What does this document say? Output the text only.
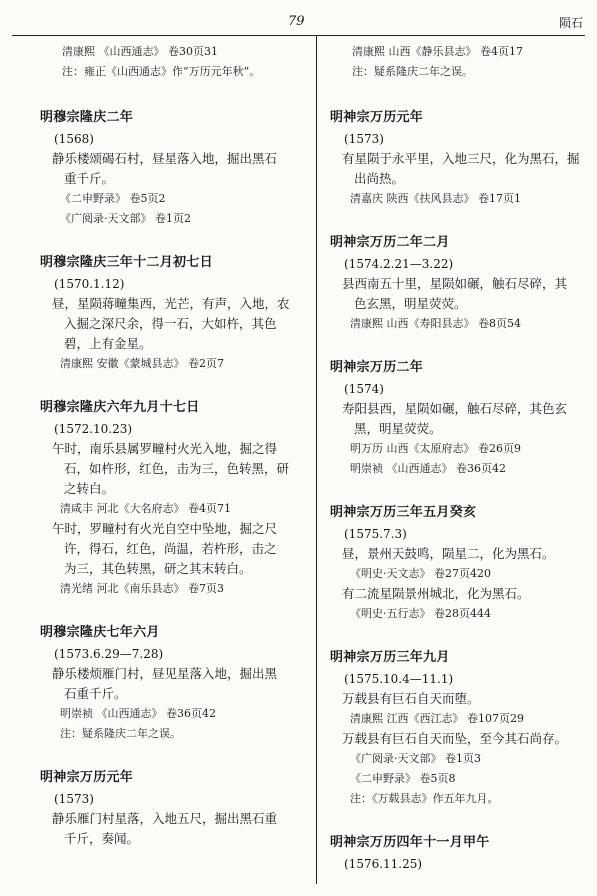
79	陨石
清康熙 《山西通志》 卷30页31
注：雍正《山西通志》作“万历元年秋”。
明穆宗隆庆二年
(1568)
静乐楼颂碣石村，昼星落入地，掘出黑石
重千斤。
《二申野录》 卷5页2
《广阅录·天文部》 卷1页2
明穆宗隆庆三年十二月初七日
(1570.1.12)
昼，星陨蒋疃集西，光芒，有声，入地，农
入掘之深尺余，得一石，大如杵，其色
碧，上有金星。
清康熙 安徽《蒙城县志》 卷2页7
明穆宗隆庆六年九月十七日
(1572.10.23)
午时，南乐县属罗疃村火光入地，掘之得
石，如杵形，红色，击为三，色转黑，研
之转白。
清咸丰 河北《大名府志》 卷4页71
午时，罗疃村有火光自空中坠地，掘之尺
许，得石，红色，尚温，若杵形，击之
为三，其色转黑，研之其末转白。
清光绪 河北《南乐县志》 卷7页3
明穆宗隆庆七年六月
(1573.6.29—7.28)
静乐楼烦雁门村，昼见星落入地，掘出黑
石重千斤。
明崇祯 《山西通志》 卷36页42
注：疑系隆庆二年之误。
明神宗万历元年
(1573)
静乐雁门村星落，入地五尺，掘出黑石重
千斤，奏闻。
清康熙 山西《静乐县志》 卷4页17
注：疑系隆庆二年之误。
明神宗万历元年
(1573)
有星陨于永平里，入地三尺，化为黑石，掘
出尚热。
清嘉庆 陕西《扶风县志》 卷17页1
明神宗万历二年二月
(1574.2.21—3.22)
县西南五十里，星陨如碾，触石尽碎，其
色玄黑，明星荧荧。
清康熙 山西《寿阳县志》 卷8页54
明神宗万历二年
(1574)
寿阳县西，星陨如碾，触石尽碎，其色玄
黑，明星荧荧。
明万历 山西《太原府志》 卷26页9
明崇祯 《山西通志》 卷36页42
明神宗万历三年五月癸亥
(1575.7.3)
昼，景州天鼓鸣，陨星二，化为黑石。
《明史·天文志》 卷27页420
有二流星陨景州城北，化为黑石。
《明史·五行志》 卷28页444
明神宗万历三年九月
(1575.10.4—11.1)
万载县有巨石自天而堕。
清康熙 江西《西江志》 卷107页29
万载县有巨石自天而坠，至今其石尚存。
《广阅录·天文部》 卷1页3
《二申野录》 卷5页8
注：《万载县志》作五年九月。
明神宗万历四年十一月甲午
(1576.11.25)
